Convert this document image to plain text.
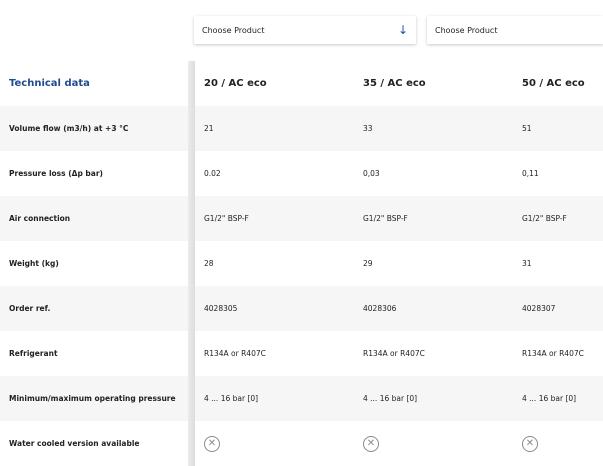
Choose Product	↓	Choose Product
Technical data	20 / AC eco	35 / AC eco	50 / AC eco
Volume flow (m3/h) at +3 °C	21	33	51
Pressure loss (Δp bar)	0.02	0,03	0,11
Air connection	G1/2" BSP-F	G1/2" BSP-F	G1/2" BSP-F
Weight (kg)	28	29	31
Order ref.	4028305	4028306	4028307
Refrigerant	R134A or R407C	R134A or R407C	R134A or R407C
Minimum/maximum operating pressure	4 ... 16 bar [0]	4 ... 16 bar [0]	4 ... 16 bar [0]
Water cooled version available	✕	✕	✕
